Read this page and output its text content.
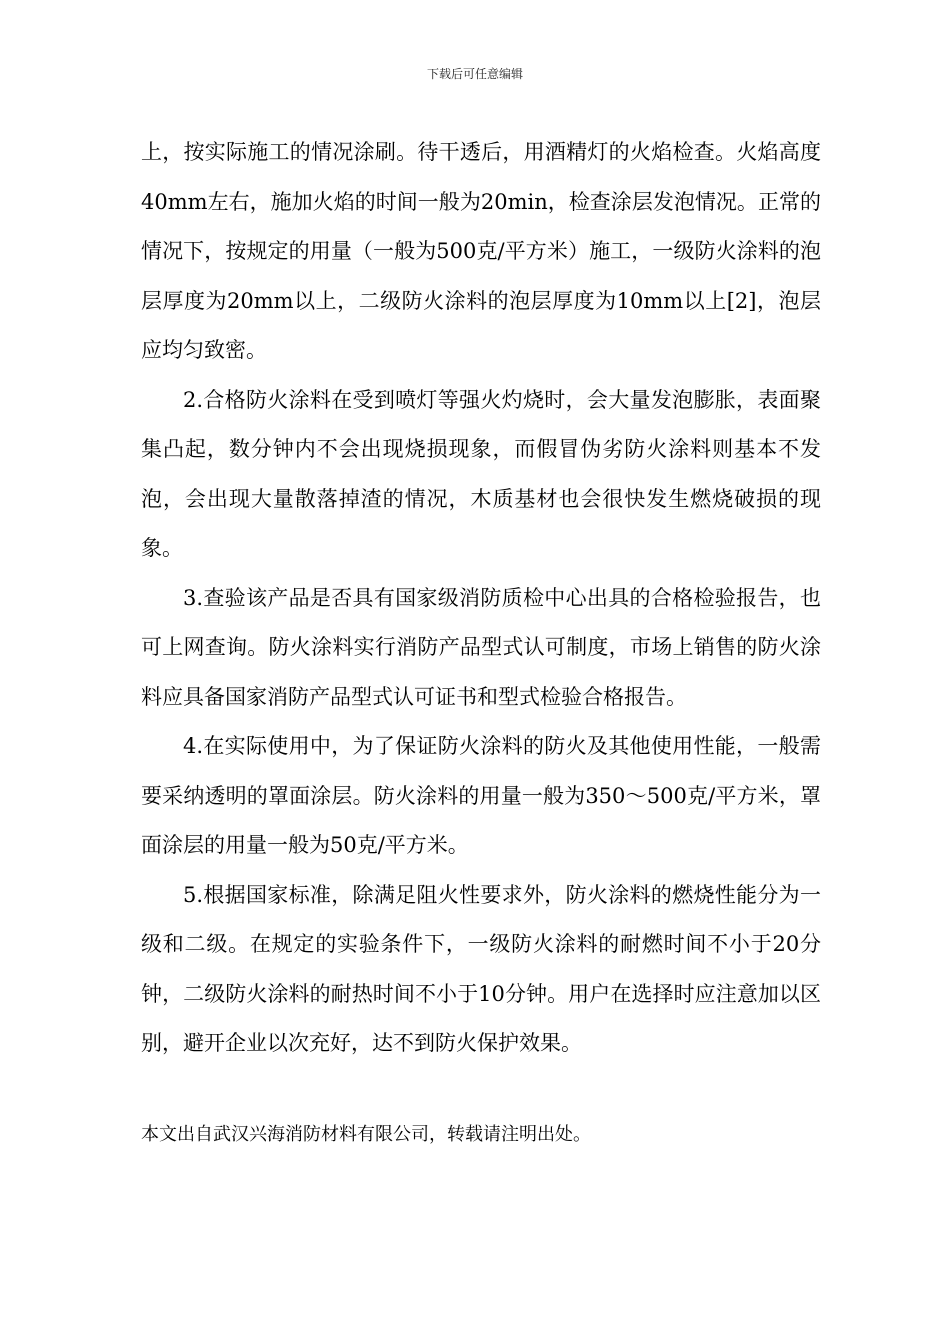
下载后可任意编辑

上，按实际施工的情况涂刷。待干透后，用酒精灯的火焰检查。火焰高度40mm左右，施加火焰的时间一般为20min，检查涂层发泡情况。正常的情况下，按规定的用量（一般为500克/平方米）施工，一级防火涂料的泡层厚度为20mm以上，二级防火涂料的泡层厚度为10mm以上[2]，泡层应均匀致密。

2.合格防火涂料在受到喷灯等强火灼烧时，会大量发泡膨胀，表面聚集凸起，数分钟内不会出现烧损现象，而假冒伪劣防火涂料则基本不发泡，会出现大量散落掉渣的情况，木质基材也会很快发生燃烧破损的现象。

3.查验该产品是否具有国家级消防质检中心出具的合格检验报告，也可上网查询。防火涂料实行消防产品型式认可制度，市场上销售的防火涂料应具备国家消防产品型式认可证书和型式检验合格报告。

4.在实际使用中，为了保证防火涂料的防火及其他使用性能，一般需要采纳透明的罩面涂层。防火涂料的用量一般为350～500克/平方米，罩面涂层的用量一般为50克/平方米。

5.根据国家标准，除满足阻火性要求外，防火涂料的燃烧性能分为一级和二级。在规定的实验条件下，一级防火涂料的耐燃时间不小于20分钟，二级防火涂料的耐热时间不小于10分钟。用户在选择时应注意加以区别，避开企业以次充好，达不到防火保护效果。

本文出自武汉兴海消防材料有限公司，转载请注明出处。
